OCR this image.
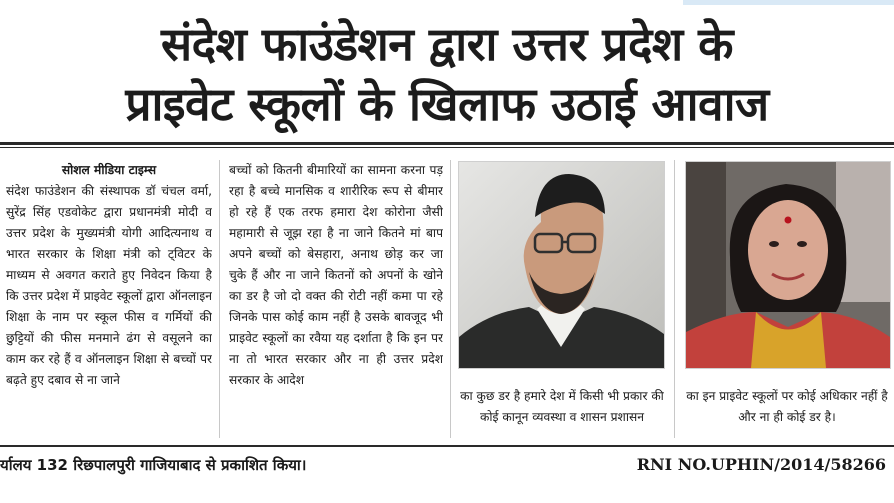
संदेश फाउंडेशन द्वारा उत्तर प्रदेश के
प्राइवेट स्कूलों के खिलाफ उठाई आवाज
सोशल मीडिया टाइम्स
संदेश फाउंडेशन की संस्थापक डॉ चंचल वर्मा, सुरेंद्र सिंह एडवोकेट द्वारा प्रधानमंत्री मोदी व उत्तर प्रदेश के मुख्यमंत्री योगी आदित्यनाथ व भारत सरकार के शिक्षा मंत्री को ट्विटर के माध्यम से अवगत कराते हुए निवेदन किया है कि उत्तर प्रदेश में प्राइवेट स्कूलों द्वारा ऑनलाइन शिक्षा के नाम पर स्कूल फीस व गर्मियों की छुट्टियों की फीस मनमाने ढंग से वसूलने का काम कर रहे हैं व ऑनलाइन शिक्षा से बच्चों पर बढ़ते हुए दबाव से ना जाने
बच्चों को कितनी बीमारियों का सामना करना पड़ रहा है बच्चे मानसिक व शारीरिक रूप से बीमार हो रहे हैं एक तरफ हमारा देश कोरोना जैसी महामारी से जूझ रहा है ना जाने कितने मां बाप अपने बच्चों को बेसहारा, अनाथ छोड़ कर जा चुके हैं और ना जाने कितनों को अपनों के खोने का डर है जो दो वक्त की रोटी नहीं कमा पा रहे जिनके पास कोई काम नहीं है उसके बावजूद भी प्राइवेट स्कूलों का रवैया यह दर्शाता है कि इन पर ना तो भारत सरकार और ना ही उत्तर प्रदेश सरकार के आदेश
का कुछ डर है हमारे देश में किसी भी प्रकार की कोई कानून व्यवस्था व शासन प्रशासन
का इन प्राइवेट स्कूलों पर कोई अधिकार नहीं है और ना ही कोई डर है।
र्यालय 132 रिछपालपुरी गाजियाबाद से प्रकाशित किया।	RNI NO.UPHIN/2014/58266
